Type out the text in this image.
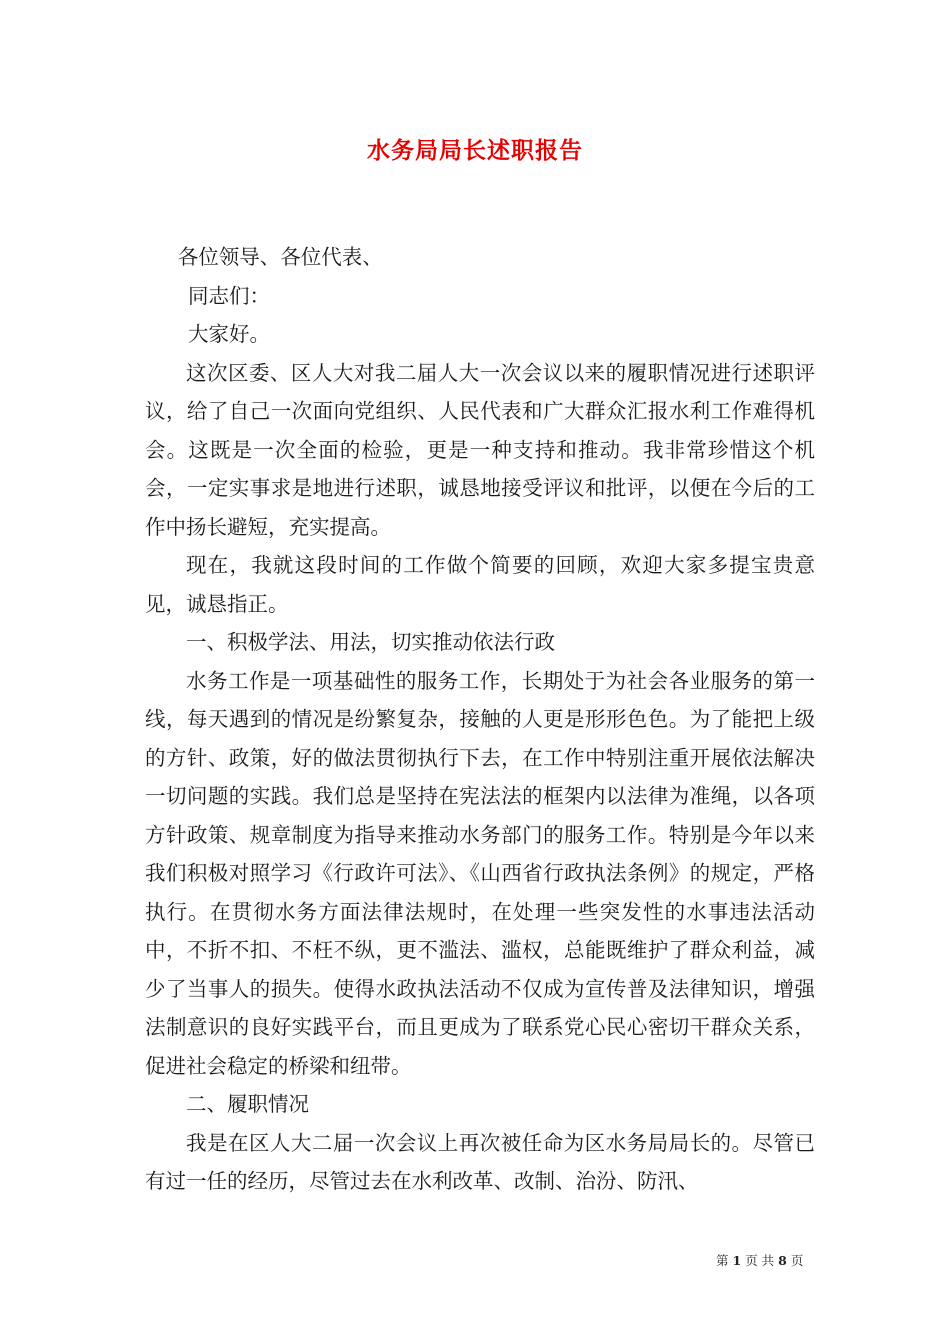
水务局局长述职报告

各位领导、各位代表、

同志们：

大家好。

这次区委、区人大对我二届人大一次会议以来的履职情况进行述职评议，给了自己一次面向党组织、人民代表和广大群众汇报水利工作难得机会。这既是一次全面的检验，更是一种支持和推动。我非常珍惜这个机会，一定实事求是地进行述职，诚恳地接受评议和批评，以便在今后的工作中扬长避短，充实提高。

现在，我就这段时间的工作做个简要的回顾，欢迎大家多提宝贵意见，诚恳指正。

一、积极学法、用法，切实推动依法行政

水务工作是一项基础性的服务工作，长期处于为社会各业服务的第一线，每天遇到的情况是纷繁复杂，接触的人更是形形色色。为了能把上级的方针、政策，好的做法贯彻执行下去，在工作中特别注重开展依法解决一切问题的实践。我们总是坚持在宪法法的框架内以法律为准绳，以各项方针政策、规章制度为指导来推动水务部门的服务工作。特别是今年以来我们积极对照学习《行政许可法》、《山西省行政执法条例》的规定，严格执行。在贯彻水务方面法律法规时，在处理一些突发性的水事违法活动中，不折不扣、不枉不纵，更不滥法、滥权，总能既维护了群众利益，减少了当事人的损失。使得水政执法活动不仅成为宣传普及法律知识，增强法制意识的良好实践平台，而且更成为了联系党心民心密切干群众关系，促进社会稳定的桥梁和纽带。

二、履职情况

我是在区人大二届一次会议上再次被任命为区水务局局长的。尽管已有过一任的经历，尽管过去在水利改革、改制、治汾、防汛、

第 1 页 共 8 页
